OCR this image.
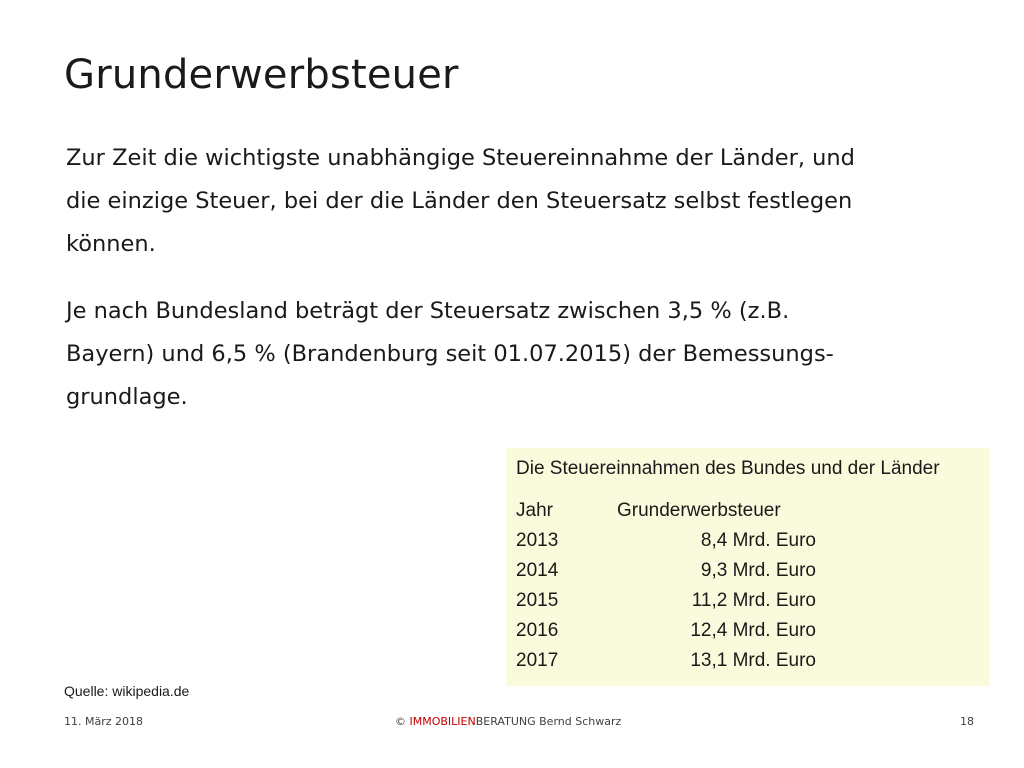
Grunderwerbsteuer

Zur Zeit die wichtigste unabhängige Steuereinnahme der Länder, und
die einzige Steuer, bei der die Länder den Steuersatz selbst festlegen
können.

Je nach Bundesland beträgt der Steuersatz zwischen 3,5 % (z.B.
Bayern) und 6,5 % (Brandenburg seit 01.07.2015) der Bemessungs-
grundlage.

Die Steuereinnahmen des Bundes und der Länder
Jahr	Grunderwerbsteuer
2013	8,4 Mrd. Euro
2014	9,3 Mrd. Euro
2015	11,2 Mrd. Euro
2016	12,4 Mrd. Euro
2017	13,1 Mrd. Euro
Quelle: wikipedia.de
11. März 2018	© IMMOBILIENBERATUNG Bernd Schwarz	18
